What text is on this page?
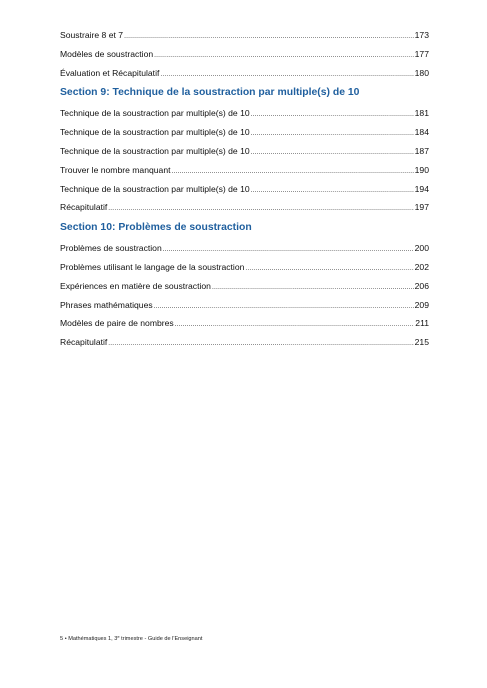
Soustraire 8 et 7 .....	173
Modèles de soustraction .....	177
Évaluation et Récapitulatif .....	180
Section 9: Technique de la soustraction par multiple(s) de 10
Technique de la soustraction par multiple(s) de 10 .....	181
Technique de la soustraction par multiple(s) de 10 .....	184
Technique de la soustraction par multiple(s) de 10 .....	187
Trouver le nombre manquant .....	190
Technique de la soustraction par multiple(s) de 10 .....	194
Récapitulatif .....	197
Section 10: Problèmes de soustraction
Problèmes de soustraction .....	200
Problèmes utilisant le langage de la soustraction .....	202
Expériences en matière de soustraction .....	206
Phrases mathématiques .....	209
Modèles de paire de nombres .....	211
Récapitulatif .....	215
5 • Mathématiques 1, 3e trimestre - Guide de l'Enseignant
